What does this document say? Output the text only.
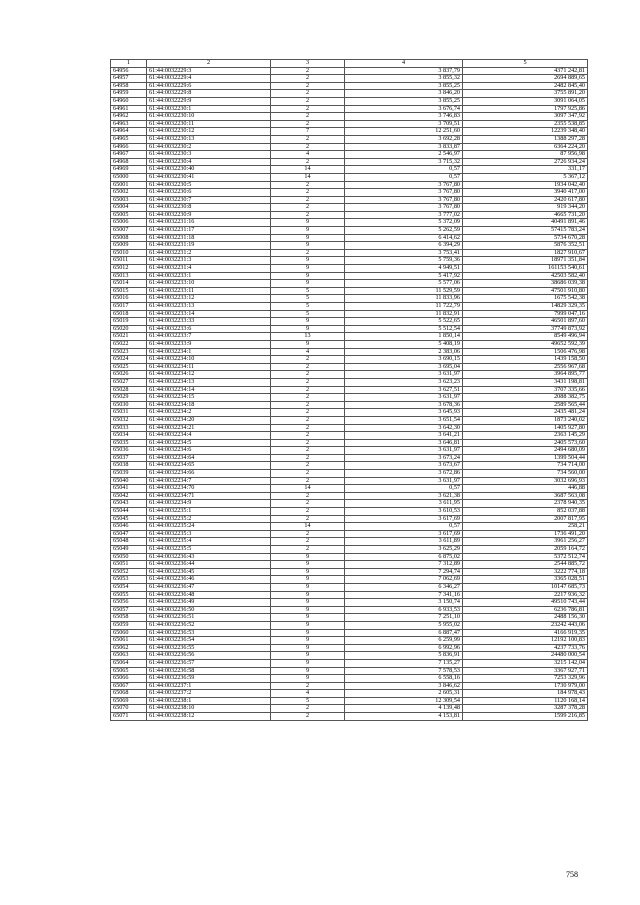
1	2	3	4	5
64956	61:44:0032229:3	2	3 837,79	4371 242,81
64957	61:44:0032229:4	2	3 855,32	2694 889,65
64958	61:44:0032229:6	2	3 855,25	2482 845,40
64959	61:44:0032229:8	2	3 846,20	3755 891,20
64960	61:44:0032229:9	2	3 855,25	3091 064,05
64961	61:44:0032230:1	2	3 676,74	1797 925,86
64962	61:44:0032230:10	2	3 746,83	3097 347,92
64963	61:44:0032230:11	2	3 709,51	2355 538,85
64964	61:44:0032230:12	7	12 251,60	12239 348,40
64965	61:44:0032230:13	2	3 692,28	1388 297,28
64966	61:44:0032230:2	2	3 833,87	6364 224,20
64967	61:44:0032230:3	4	2 546,97	87 956,98
64968	61:44:0032230:4	2	3 715,32	2726 934,24
64969	61:44:0032230:40	14	0,57	331,17
65000	61:44:0032230:41	14	0,57	5 367,12
65001	61:44:0032230:5	2	3 767,80	1934 042,40
65002	61:44:0032230:6	2	3 767,80	3940 417,00
65003	61:44:0032230:7	2	3 767,80	2420 617,80
65004	61:44:0032230:8	2	3 767,80	919 344,20
65005	61:44:0032230:9	2	3 777,02	4665 731,20
65006	61:44:0032231:16	9	5 372,09	40491 891,46
65007	61:44:0032231:17	9	5 262,59	57415 783,24
65008	61:44:0032231:18	9	6 414,62	5734 670,28
65009	61:44:0032231:19	9	6 394,29	5876 352,51
65010	61:44:0032231:2	2	3 753,41	1827 910,67
65011	61:44:0032231:3	9	5 759,36	18971 351,84
65012	61:44:0032231:4	9	4 949,51	161153 540,61
65013	61:44:0032233:1	9	5 417,92	42503 582,40
65014	61:44:0032233:10	9	5 577,06	38686 039,38
65015	61:44:0032233:11	5	11 529,59	47501 910,80
65016	61:44:0032233:12	5	11 833,96	1675 542,38
65017	61:44:0032233:13	5	11 722,79	14829 329,35
65018	61:44:0032233:14	5	11 832,91	7999 047,16
65019	61:44:0032233:33	9	5 522,65	46501 897,60
65020	61:44:0032233:6	9	5 512,54	37749 873,92
65021	61:44:0032233:7	13	1 850,14	8549 496,94
65022	61:44:0032233:9	9	5 408,19	49652 592,39
65023	61:44:0032234:1	4	2 383,06	1506 476,98
65024	61:44:0032234:10	2	3 690,15	1439 158,50
65025	61:44:0032234:11	2	3 695,04	2556 967,68
65026	61:44:0032234:12	2	3 631,97	3964 895,77
65027	61:44:0032234:13	2	3 623,23	3431 198,81
65028	61:44:0032234:14	2	3 627,51	3707 335,66
65029	61:44:0032234:15	2	3 631,97	2088 382,75
65030	61:44:0032234:18	2	3 678,36	2589 565,44
65031	61:44:0032234:2	2	3 645,93	2435 481,24
65032	61:44:0032234:20	2	3 651,54	1873 240,02
65033	61:44:0032234:21	2	3 642,30	1405 927,80
65034	61:44:0032234:4	2	3 641,21	2363 145,29
65035	61:44:0032234:5	2	3 646,81	2405 573,60
65036	61:44:0032234:6	2	3 631,97	2494 680,09
65037	61:44:0032234:64	2	3 673,24	1399 504,44
65038	61:44:0032234:65	2	3 673,67	734 714,00
65039	61:44:0032234:66	2	3 672,86	734 560,00
65040	61:44:0032234:7	2	3 631,97	3032 696,93
65041	61:44:0032234:70	14	0,57	446,88
65042	61:44:0032234:71	2	3 621,38	3687 563,08
65043	61:44:0032234:9	2	3 611,95	2378 940,35
65044	61:44:0032235:1	2	3 610,53	852 037,88
65045	61:44:0032235:2	2	3 617,69	2007 817,95
65046	61:44:0032235:24	14	0,57	258,21
65047	61:44:0032235:3	2	3 617,69	1736 491,20
65048	61:44:0032235:4	2	3 611,89	3961 256,27
65049	61:44:0032235:5	2	3 625,29	2059 164,72
65050	61:44:0032236:43	9	6 875,02	5372 512,74
65051	61:44:0032236:44	9	7 312,89	2544 885,72
65052	61:44:0032236:45	9	7 294,74	3222 774,18
65053	61:44:0032236:46	9	7 062,69	3365 028,51
65054	61:44:0032236:47	9	6 346,27	10147 685,73
65055	61:44:0032236:48	9	7 341,16	2217 936,32
65056	61:44:0032236:49	9	3 150,74	49510 743,44
65057	61:44:0032236:50	9	6 933,53	6236 786,81
65058	61:44:0032236:51	9	7 251,10	2488 156,30
65059	61:44:0032236:52	9	5 955,02	23242 443,06
65060	61:44:0032236:53	9	6 887,47	4166 919,35
65061	61:44:0032236:54	9	6 259,99	12192 100,83
65062	61:44:0032236:55	9	6 992,96	4237 733,76
65063	61:44:0032236:56	9	5 836,91	24480 000,54
65064	61:44:0032236:57	9	7 135,27	3215 142,04
65065	61:44:0032236:58	9	7 578,53	3367 927,71
65066	61:44:0032236:59	9	6 558,16	7253 329,96
65067	61:44:0032237:1	2	3 846,62	1730 979,00
65068	61:44:0032237:2	4	2 605,31	184 978,43
65069	61:44:0032238:1	5	12 309,54	1120 168,14
65070	61:44:0032238:10	2	4 139,48	3287 378,28
65071	61:44:0032238:12	2	4 153,81	1599 216,85
758
